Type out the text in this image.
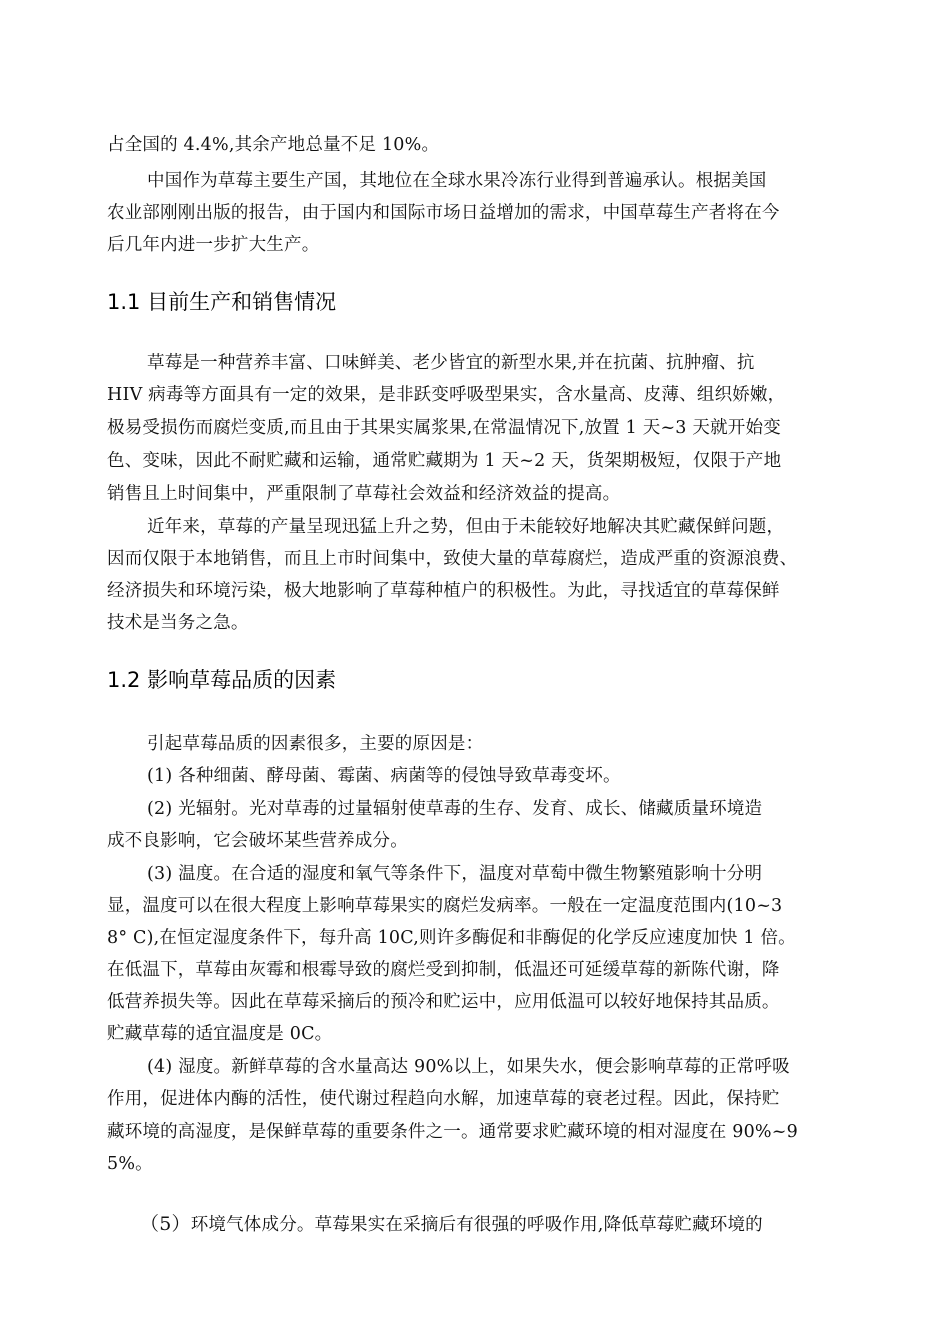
占全国的 4.4%,其余产地总量不足 10%。
中国作为草莓主要生产国，其地位在全球水果冷冻行业得到普遍承认。根据美国
农业部刚刚出版的报告，由于国内和国际市场日益增加的需求，中国草莓生产者将在今
后几年内进一步扩大生产。
1.1 目前生产和销售情况
草莓是一种营养丰富、口味鲜美、老少皆宜的新型水果,并在抗菌、抗肿瘤、抗
HIV 病毒等方面具有一定的效果，是非跃变呼吸型果实，含水量高、皮薄、组织娇嫩，
极易受损伤而腐烂变质,而且由于其果实属浆果,在常温情况下,放置 1 天~3 天就开始变
色、变味，因此不耐贮藏和运输，通常贮藏期为 1 天~2 天，货架期极短，仅限于产地
销售且上时间集中，严重限制了草莓社会效益和经济效益的提高。
近年来，草莓的产量呈现迅猛上升之势，但由于未能较好地解决其贮藏保鲜问题，
因而仅限于本地销售，而且上市时间集中，致使大量的草莓腐烂，造成严重的资源浪费、
经济损失和环境污染，极大地影响了草莓种植户的积极性。为此，寻找适宜的草莓保鲜
技术是当务之急。
1.2 影响草莓品质的因素
引起草莓品质的因素很多，主要的原因是：
(1) 各种细菌、酵母菌、霉菌、病菌等的侵蚀导致草毒变坏。
(2) 光辐射。光对草毒的过量辐射使草毒的生存、发育、成长、储藏质量环境造
成不良影响，它会破坏某些营养成分。
(3) 温度。在合适的湿度和氧气等条件下，温度对草萄中微生物繁殖影响十分明
显，温度可以在很大程度上影响草莓果实的腐烂发病率。一般在一定温度范围内(10~3
8° C),在恒定湿度条件下，每升高 10C,则许多酶促和非酶促的化学反应速度加快 1 倍。
在低温下，草莓由灰霉和根霉导致的腐烂受到抑制，低温还可延缓草莓的新陈代谢，降
低营养损失等。因此在草莓采摘后的预冷和贮运中，应用低温可以较好地保持其品质。
贮藏草莓的适宜温度是 0C。
(4) 湿度。新鲜草莓的含水量高达 90%以上，如果失水，便会影响草莓的正常呼吸
作用，促进体内酶的活性，使代谢过程趋向水解，加速草莓的衰老过程。因此，保持贮
藏环境的高湿度，是保鲜草莓的重要条件之一。通常要求贮藏环境的相对湿度在 90%~9
5%。
（5）环境气体成分。草莓果实在采摘后有很强的呼吸作用,降低草莓贮藏环境的
